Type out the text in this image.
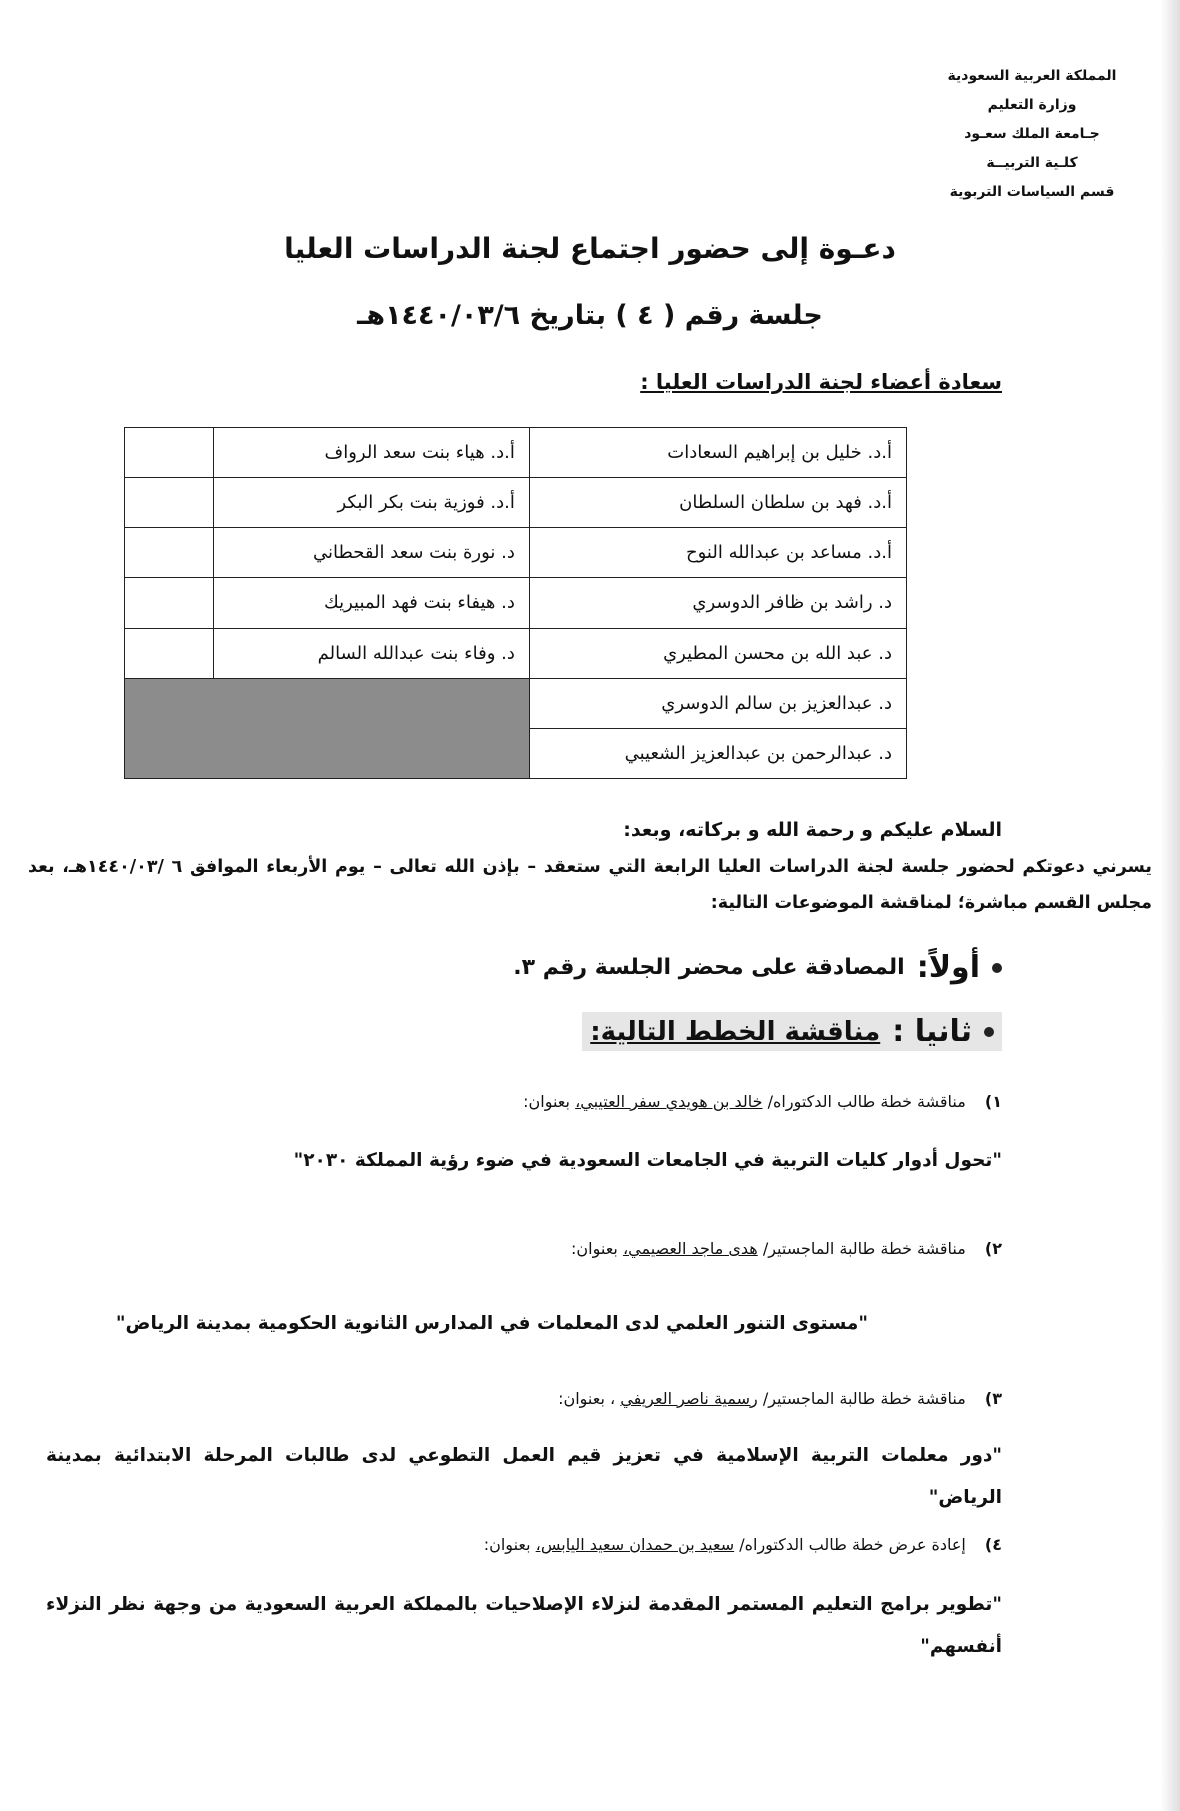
المملكة العربية السعودية
وزارة التعليم
جـامعة الملك سعـود
كلـية التربيــة
قسم السياسات التربوية
دعـوة إلى حضور اجتماع لجنة الدراسات العليا
جلسة رقم ( ٤ ) بتاريخ ١٤٤٠/٠٣/٦هـ
سعادة أعضاء لجنة الدراسات العليا :
أ.د. خليل بن إبراهيم السعادات	أ.د. هياء بنت سعد الرواف	
أ.د. فهد بن سلطان السلطان	أ.د. فوزية بنت بكر البكر	
أ.د. مساعد بن عبدالله النوح	د. نورة بنت سعد القحطاني	
د. راشد بن ظافر الدوسري	د. هيفاء بنت فهد المبيريك	
د. عبد الله بن محسن المطيري	د. وفاء بنت عبدالله السالم	
د. عبدالعزيز بن سالم الدوسري		
د. عبدالرحمن بن عبدالعزيز الشعيبي		
السلام عليكم و رحمة الله و بركاته، وبعد:
يسرني دعوتكم لحضور جلسة لجنة الدراسات العليا الرابعة التي ستعقد – بإذن الله تعالى – يوم الأربعاء الموافق ٦ /١٤٤٠/٠٣هـ، بعد مجلس القسم مباشرة؛ لمناقشة الموضوعات التالية:
أولاً:
المصادقة على محضر الجلسة رقم ٣.
ثانيا :
مناقشة الخطط التالية:
١) مناقشة خطة طالب الدكتوراه/ خالد بن هويدي سفر العتيبي، بعنوان:
"تحول أدوار كليات التربية في الجامعات السعودية في ضوء رؤية المملكة ٢٠٣٠"
٢) مناقشة خطة طالبة الماجستير/ هدى ماجد العصيمي، بعنوان:
"مستوى التنور العلمي لدى المعلمات في المدارس الثانوية الحكومية بمدينة الرياض"
٣) مناقشة خطة طالبة الماجستير/ رسمية ناصر العريفي ، بعنوان:
"دور معلمات التربية الإسلامية في تعزيز قيم العمل التطوعي لدى طالبات المرحلة الابتدائية بمدينة الرياض"
٤) إعادة عرض خطة طالب الدكتوراه/ سعيد بن حمدان سعيد اليابس، بعنوان:
"تطوير برامج التعليم المستمر المقدمة لنزلاء الإصلاحيات بالمملكة العربية السعودية من وجهة نظر النزلاء أنفسهم"
